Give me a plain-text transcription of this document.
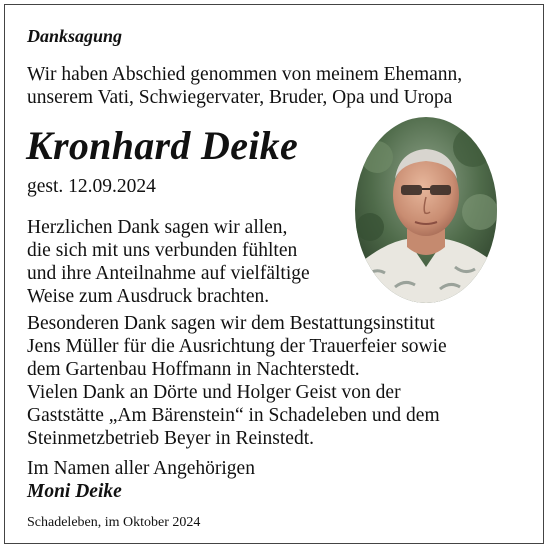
Danksagung
Wir haben Abschied genommen von meinem Ehemann,
unserem Vati, Schwiegervater, Bruder, Opa und Uropa
Kronhard Deike
gest. 12.09.2024
Herzlichen Dank sagen wir allen,
die sich mit uns verbunden fühlten
und ihre Anteilnahme auf vielfältige
Weise zum Ausdruck brachten.
Besonderen Dank sagen wir dem Bestattungsinstitut
Jens Müller für die Ausrichtung der Trauerfeier sowie
dem Gartenbau Hoffmann in Nachterstedt.
Vielen Dank an Dörte und Holger Geist von der
Gaststätte „Am Bärenstein“ in Schadeleben und dem
Steinmetzbetrieb Beyer in Reinstedt.
Im Namen aller Angehörigen
Moni Deike
Schadeleben, im Oktober 2024
